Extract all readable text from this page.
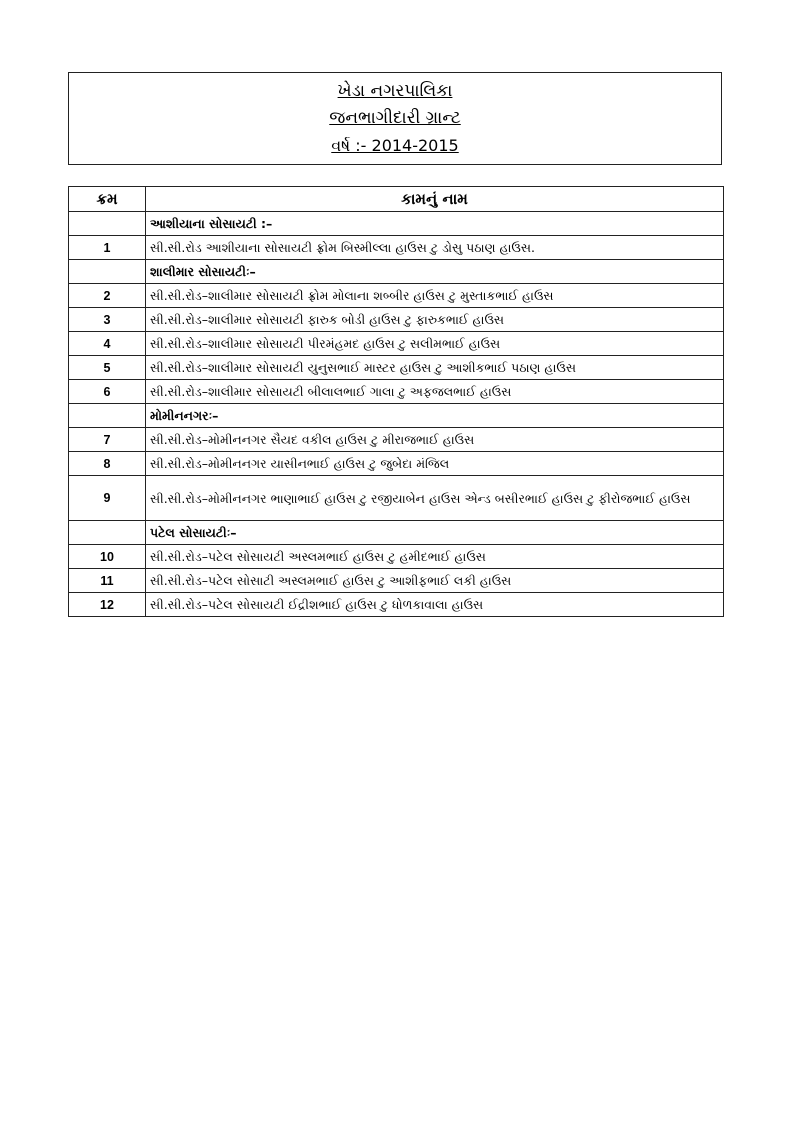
ખેડા નગરપાલિકા
જનભાગીદારી ગ્રાન્ટ
વર્ષ :- 2014-2015
ક્રમ	કામનું નામ
	આશીયાના સોસાયટી :–
1	સી.સી.રોડ આશીયાના સોસાયટી ફ્રોમ બિસ્મીલ્લા હાઉસ ટુ ડોસુ પઠાણ હાઉસ.
	શાલીમાર સોસાયટીઃ–
2	સી.સી.રોડ–શાલીમાર સોસાયટી ફ્રોમ મોલાના શબ્બીર હાઉસ ટુ મુસ્તાકભાઈ હાઉસ
3	સી.સી.રોડ–શાલીમાર સોસાયટી ફારુક બોડી હાઉસ ટુ ફારુકભાઈ હાઉસ
4	સી.સી.રોડ–શાલીમાર સોસાયટી પીરમંહમદ હાઉસ ટુ સલીમભાઈ હાઉસ
5	સી.સી.રોડ–શાલીમાર સોસાયટી યુનુસભાઈ માસ્ટર હાઉસ ટુ આશીકભાઈ પઠાણ હાઉસ
6	સી.સી.રોડ–શાલીમાર સોસાયટી બીલાલભાઈ ગાલા ટુ અફજલભાઈ હાઉસ
	મોમીનનગરઃ–
7	સી.સી.રોડ–મોમીનનગર સૈયદ વકીલ હાઉસ ટુ મીરાજભાઈ હાઉસ
8	સી.સી.રોડ–મોમીનનગર યાસીનભાઈ હાઉસ ટુ જુબેદા મંજિલ
9	સી.સી.રોડ–મોમીનનગર ભાણાભાઈ હાઉસ ટુ રજીયાબેન હાઉસ એન્ડ બસીરભાઈ હાઉસ ટુ ફીરોજભાઈ હાઉસ
	પટેલ સોસાયટીઃ–
10	સી.સી.રોડ–પટેલ સોસાયટી અસ્લમભાઈ હાઉસ ટુ હમીદભાઈ હાઉસ
11	સી.સી.રોડ–પટેલ સોસાટી અસ્લમભાઈ હાઉસ ટુ આશીફભાઈ લકી હાઉસ
12	સી.સી.રોડ–પટેલ સોસાયટી ઈદ્રીશભાઈ હાઉસ ટુ ધોળકાવાલા હાઉસ
